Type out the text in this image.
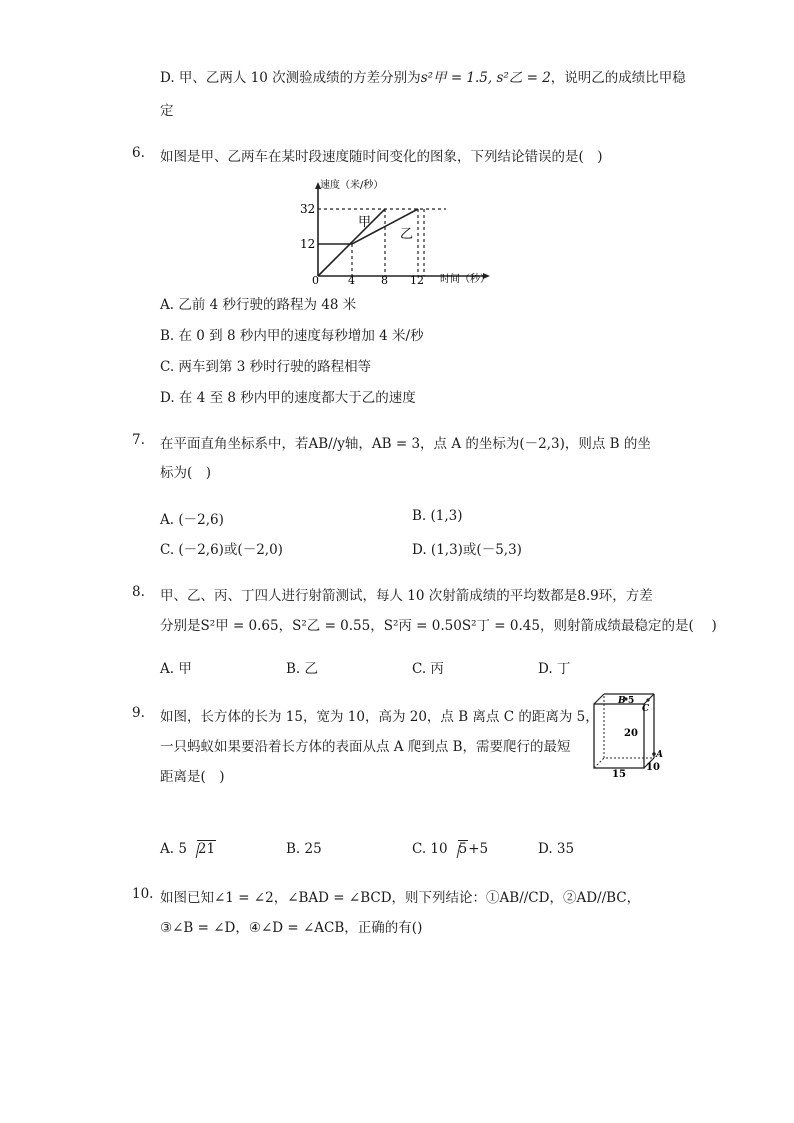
D. 甲、乙两人 10 次测验成绩的方差分别为s²甲 = 1.5, s²乙 = 2，说明乙的成绩比甲稳
定
6. 如图是甲、乙两车在某时段速度随时间变化的图象，下列结论错误的是(　)
速度（米/秒）
时间（秒）
32
12
0	4 8 12
甲
乙
A. 乙前 4 秒行驶的路程为 48 米
B. 在 0 到 8 秒内甲的速度每秒增加 4 米/秒
C. 两车到第 3 秒时行驶的路程相等
D. 在 4 至 8 秒内甲的速度都大于乙的速度
7. 在平面直角坐标系中，若AB//y轴，AB = 3，点 A 的坐标为(－2,3)，则点 B 的坐
标为(　)
A. (－2,6)	B. (1,3)
C. (－2,6)或(－2,0)	D. (1,3)或(－5,3)
8. 甲、乙、丙、丁四人进行射箭测试，每人 10 次射箭成绩的平均数都是8.9环，方差
分别是S²甲 = 0.65，S²乙 = 0.55，S²丙 = 0.50S²丁 = 0.45，则射箭成绩最稳定的是(　 )
A. 甲	B. 乙	C. 丙	D. 丁
9. 如图，长方体的长为 15，宽为 10，高为 20，点 B 离点 C 的距离为 5，
一只蚂蚁如果要沿着长方体的表面从点 A 爬到点 B，需要爬行的最短
距离是(　)
B 5
C
20
A
15
10
A. 5 21	B. 25	C. 10 5+5	D. 35
10. 如图已知∠1 = ∠2，∠BAD = ∠BCD，则下列结论：①AB//CD，②AD//BC，
③∠B = ∠D，④∠D = ∠ACB，正确的有()
